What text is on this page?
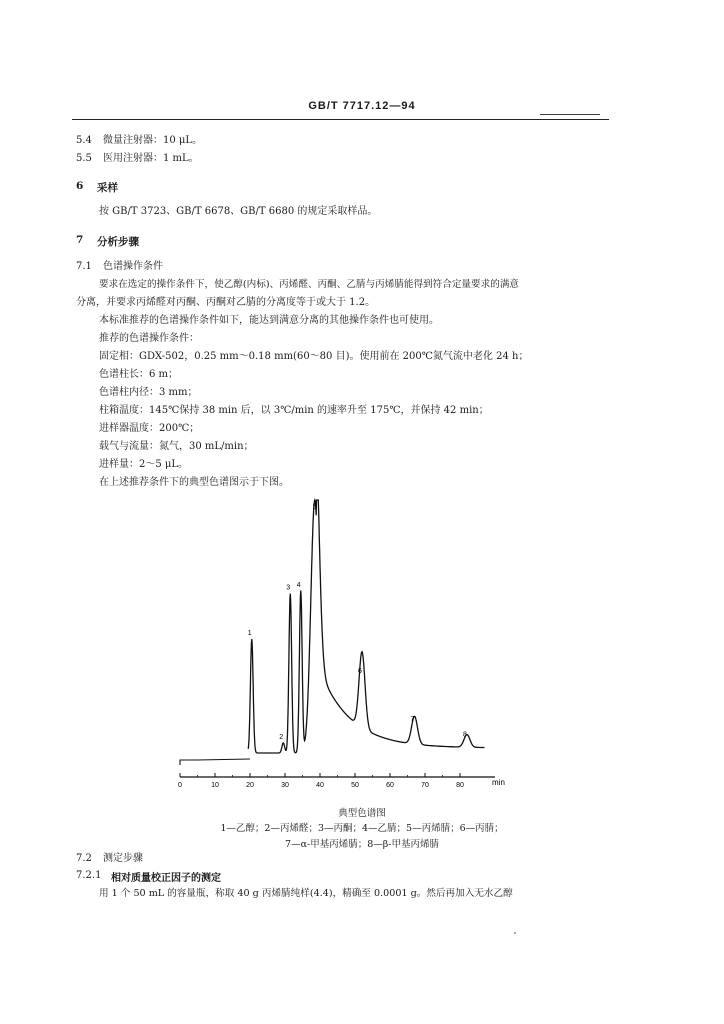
GB/T 7717.12—94
5.4 微量注射器：10 μL。
5.5 医用注射器：1 mL。
6 采样
按 GB/T 3723、GB/T 6678、GB/T 6680 的规定采取样品。
7 分析步骤
7.1 色谱操作条件
要求在选定的操作条件下，使乙醇(内标)、丙烯醛、丙酮、乙腈与丙烯腈能得到符合定量要求的满意
分离，并要求丙烯醛对丙酮、丙酮对乙腈的分离度等于或大于 1.2。
本标准推荐的色谱操作条件如下，能达到满意分离的其他操作条件也可使用。
推荐的色谱操作条件：
固定相：GDX-502，0.25 mm～0.18 mm(60～80 目)。使用前在 200℃氮气流中老化 24 h；
色谱柱长：6 m；
色谱柱内径：3 mm；
柱箱温度：145℃保持 38 min 后，以 3℃/min 的速率升至 175℃，并保持 42 min；
进样器温度：200℃；
载气与流量：氮气，30 mL/min；
进样量：2～5 μL。
在上述推荐条件下的典型色谱图示于下图。
1
2
3 4
5
6
7
8
0	10	20	30	40	50	60	70	80	min
典型色谱图
1—乙醇；2—丙烯醛；3—丙酮；4—乙腈；5—丙烯腈；6—丙腈；
7—α-甲基丙烯腈；8—β-甲基丙烯腈
7.2 测定步骤
7.2.1 相对质量校正因子的测定
用 1 个 50 mL 的容量瓶，称取 40 g 丙烯腈纯样(4.4)，精确至 0.0001 g。然后再加入无水乙醇
